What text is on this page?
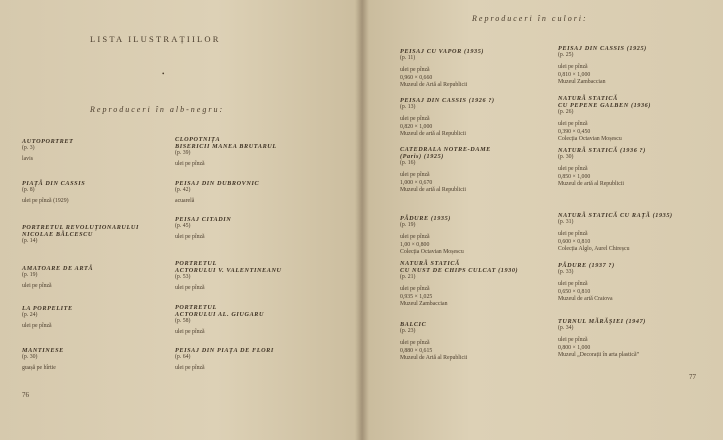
LISTA ILUSTRAȚIILOR
•
Reproduceri în alb-negru:
AUTOPORTRET
(p. 3)
lavis
PIAȚĂ DIN CASSIS
(p. 8)
ulei pe pînză (1929)
PORTRETUL REVOLUȚIONARULUI
NICOLAE BĂLCESCU
(p. 14)
AMATOARE DE ARTĂ
(p. 19)
ulei pe pînză
LA PORPELITE
(p. 24)
ulei pe pînză
MANTINESE
(p. 30)
guașă pe hîrtie
CLOPOTNIȚA
BISERICII MANEA BRUTARUL
(p. 39)
ulei pe pînză
PEISAJ DIN DUBROVNIC
(p. 42)
acuarelă
PEISAJ CITADIN
(p. 45)
ulei pe pînză
PORTRETUL
ACTORULUI V. VALENTINEANU
(p. 53)
ulei pe pînză
PORTRETUL
ACTORULUI AL. GIUGARU
(p. 58)
ulei pe pînză
PEISAJ DIN PIAȚA DE FLORI
(p. 64)
ulei pe pînză
76
Reproduceri în culori:
PEISAJ CU VAPOR (1935)
(p. 11)
ulei pe pînză
0,960 × 0,660
Muzeul de Artă al Republicii
PEISAJ DIN CASSIS (1926 ?)
(p. 13)
ulei pe pînză
0,820 × 1,000
Muzeul de artă al Republicii
CATEDRALA NOTRE-DAME
(Paris) (1925)
(p. 16)
ulei pe pînză
1,000 × 0,670
Muzeul de artă al Republicii
PĂDURE (1935)
(p. 19)
ulei pe pînză
1,00 × 0,800
Colecția Octavian Moșescu
NATURĂ STATICĂ
CU NUST DE CHIPS CULCAT (1930)
(p. 21)
ulei pe pînză
0,935 × 1,025
Muzeul Zambaccian
BALCIC
(p. 23)
ulei pe pînză
0,880 × 0,615
Muzeul de Artă al Republicii
PEISAJ DIN CASSIS (1925)
(p. 25)
ulei pe pînză
0,810 × 1,000
Muzeul Zambaccian
NATURĂ STATICĂ
CU PEPENE GALBEN (1936)
(p. 26)
ulei pe pînză
0,390 × 0,450
Colecția Octavian Moșescu
NATURĂ STATICĂ (1936 ?)
(p. 30)
ulei pe pînză
0,850 × 1,000
Muzeul de artă al Republicii
NATURĂ STATICĂ CU RAȚĂ (1935)
(p. 31)
ulei pe pînză
0,600 × 0,810
Colecția Alglo, Aurel Chireșcu
PĂDURE (1937 ?)
(p. 33)
ulei pe pînză
0,650 × 0,810
Muzeul de artă Craiova
TURNUL MĂRĂȘIEI (1947)
(p. 34)
ulei pe pînză
0,800 × 1,000
Muzeul „Decorații în arta plastică”
77
